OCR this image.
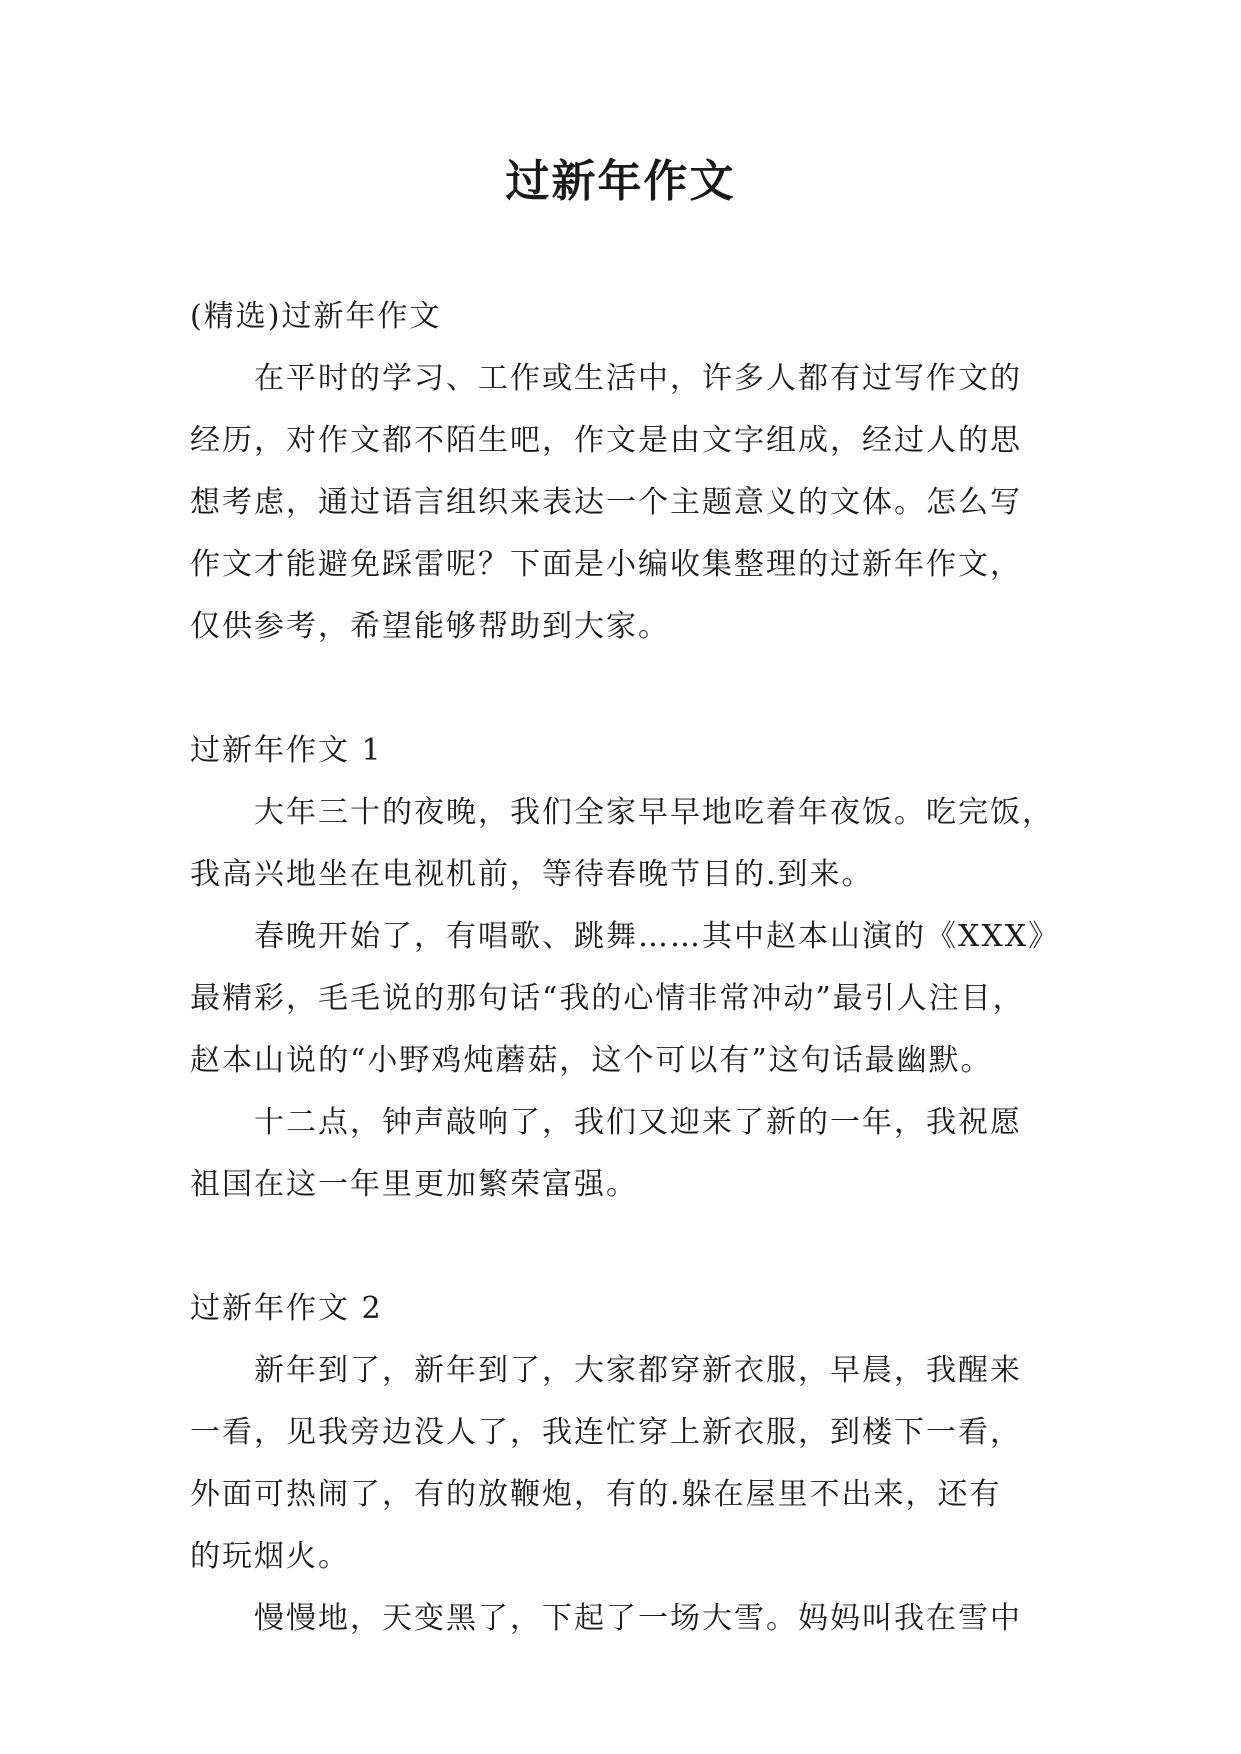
过新年作文

(精选)过新年作文

在平时的学习、工作或生活中，许多人都有过写作文的

经历，对作文都不陌生吧，作文是由文字组成，经过人的思

想考虑，通过语言组织来表达一个主题意义的文体。怎么写

作文才能避免踩雷呢？下面是小编收集整理的过新年作文，

仅供参考，希望能够帮助到大家。

过新年作文 1

大年三十的夜晚，我们全家早早地吃着年夜饭。吃完饭，

我高兴地坐在电视机前，等待春晚节目的.到来。

春晚开始了，有唱歌、跳舞……其中赵本山演的《XXX》

最精彩，毛毛说的那句话“我的心情非常冲动”最引人注目，

赵本山说的“小野鸡炖蘑菇，这个可以有”这句话最幽默。

十二点，钟声敲响了，我们又迎来了新的一年，我祝愿

祖国在这一年里更加繁荣富强。

过新年作文 2

新年到了，新年到了，大家都穿新衣服，早晨，我醒来

一看，见我旁边没人了，我连忙穿上新衣服，到楼下一看，

外面可热闹了，有的放鞭炮，有的.躲在屋里不出来，还有

的玩烟火。

慢慢地，天变黑了，下起了一场大雪。妈妈叫我在雪中
